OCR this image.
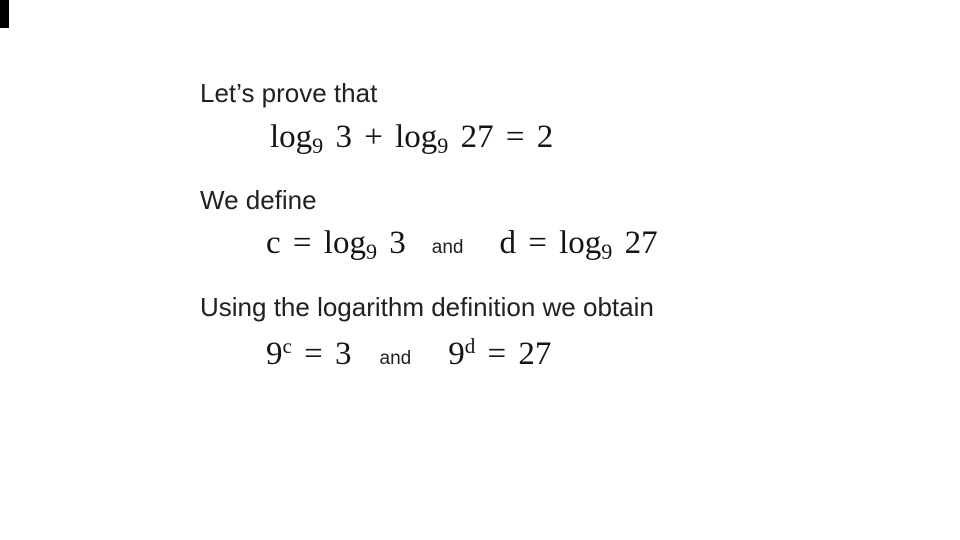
Let’s prove that
log9 3 + log9 27 = 2
We define
c = log9 3 and d = log9 27
Using the logarithm definition we obtain
$9^c = 3$ and $9^d = 27$
